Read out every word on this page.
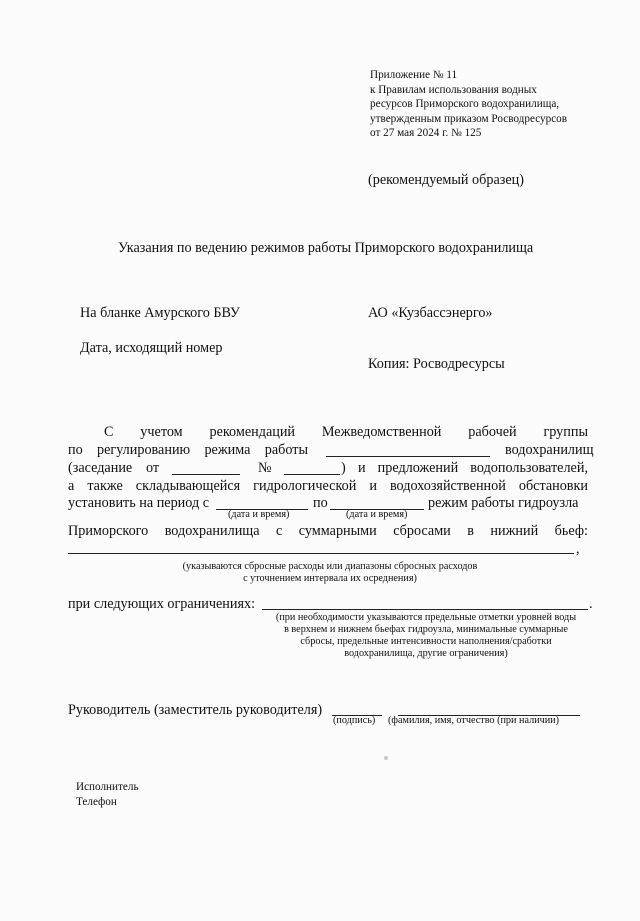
Приложение № 11
к Правилам использования водных
ресурсов Приморского водохранилища,
утвержденным приказом Росводресурсов
от 27 мая 2024 г. № 125
(рекомендуемый образец)
Указания по ведению режимов работы Приморского водохранилища
На бланке Амурского БВУ	АО «Кузбассэнерго»
Дата, исходящий номер
Копия: Росводресурсы
С учетом рекомендаций Межведомственной рабочей группы
по регулированию режима работы	водохранилищ
(заседание от	№	) и предложений водопользователей,
а также складывающейся гидрологической и водохозяйственной обстановки
установить на период с	по	режим работы гидроузла
(дата и время)	(дата и время)
Приморского водохранилища с суммарными сбросами в нижний бьеф:
,
(указываются сбросные расходы или диапазоны сбросных расходов
с уточнением интервала их осреднения)
при следующих ограничениях:	.
(при необходимости указываются предельные отметки уровней воды
в верхнем и нижнем бьефах гидроузла, минимальные суммарные
сбросы, предельные интенсивности наполнения/сработки
водохранилища, другие ограничения)
Руководитель (заместитель руководителя)
(подпись) (фамилия, имя, отчество (при наличии)
Исполнитель
Телефон
